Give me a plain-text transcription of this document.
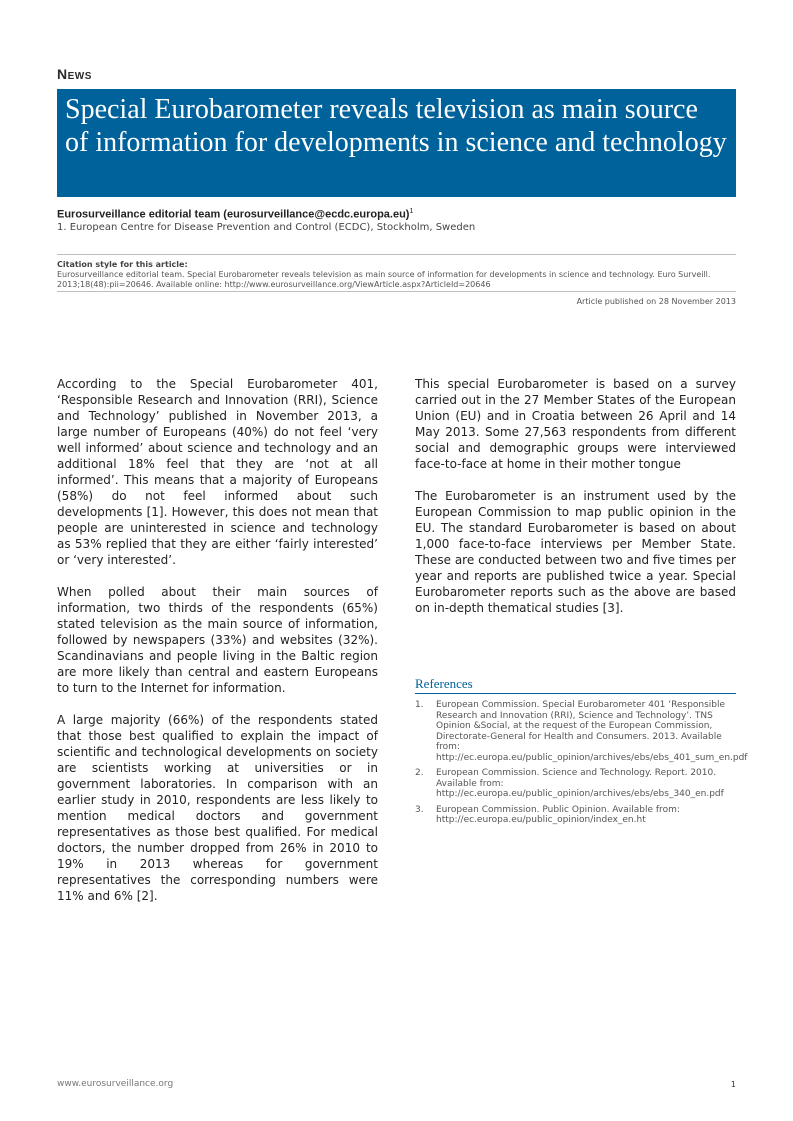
News
Special Eurobarometer reveals television as main source of information for developments in science and technology
Eurosurveillance editorial team (eurosurveillance@ecdc.europa.eu)$^1$
1. European Centre for Disease Prevention and Control (ECDC), Stockholm, Sweden
Citation style for this article:
Eurosurveillance editorial team. Special Eurobarometer reveals television as main source of information for developments in science and technology. Euro Surveill. 2013;18(48):pii=20646. Available online: http://www.eurosurveillance.org/ViewArticle.aspx?ArticleId=20646
Article published on 28 November 2013

According to the Special Eurobarometer 401, ‘Responsible Research and Innovation (RRI), Science and Technology’ published in November 2013, a large number of Europeans (40%) do not feel ‘very well informed’ about science and technology and an additional 18% feel that they are ‘not at all informed’. This means that a majority of Europeans (58%) do not feel informed about such developments [1]. However, this does not mean that people are uninterested in science and technology as 53% replied that they are either ‘fairly interested’ or ‘very interested’.

When polled about their main sources of information, two thirds of the respondents (65%) stated television as the main source of information, followed by newspapers (33%) and websites (32%). Scandinavians and people living in the Baltic region are more likely than central and eastern Europeans to turn to the Internet for information.

A large majority (66%) of the respondents stated that those best qualified to explain the impact of scientific and technological developments on society are scientists working at universities or in government laboratories. In comparison with an earlier study in 2010, respondents are less likely to mention medical doctors and government representatives as those best qualified. For medical doctors, the number dropped from 26% in 2010 to 19% in 2013 whereas for government representatives the corresponding numbers were 11% and 6% [2].

This special Eurobarometer is based on a survey carried out in the 27 Member States of the European Union (EU) and in Croatia between 26 April and 14 May 2013. Some 27,563 respondents from different social and demographic groups were interviewed face-to-face at home in their mother tongue

The Eurobarometer is an instrument used by the European Commission to map public opinion in the EU. The standard Eurobarometer is based on about 1,000 face-to-face interviews per Member State. These are conducted between two and five times per year and reports are published twice a year. Special Eurobarometer reports such as the above are based on in-depth thematical studies [3].

References
1. European Commission. Special Eurobarometer 401 ‘Responsible Research and Innovation (RRI), Science and Technology’. TNS Opinion &Social, at the request of the European Commission, Directorate-General for Health and Consumers. 2013. Available from: http://ec.europa.eu/public_opinion/archives/ebs/ebs_401_sum_en.pdf
2. European Commission. Science and Technology. Report. 2010. Available from: http://ec.europa.eu/public_opinion/archives/ebs/ebs_340_en.pdf
3. European Commission. Public Opinion. Available from: http://ec.europa.eu/public_opinion/index_en.ht
www.eurosurveillance.org	1
